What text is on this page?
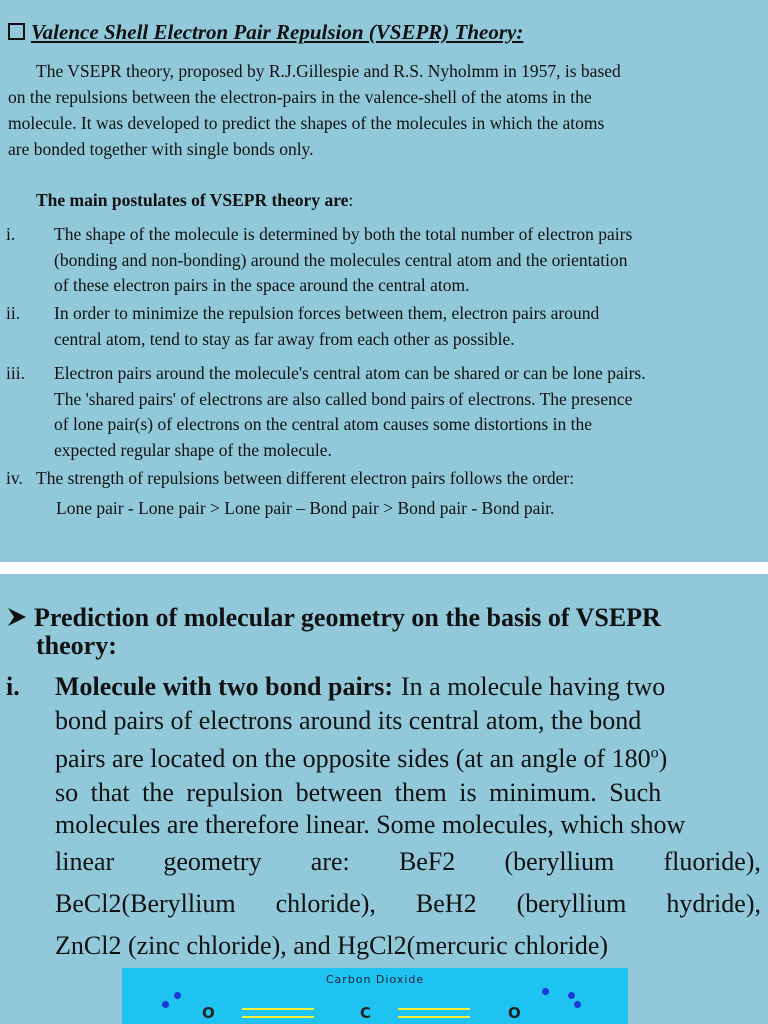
Valence Shell Electron Pair Repulsion (VSEPR) Theory:
The VSEPR theory, proposed by R.J.Gillespie and R.S. Nyholmm in 1957, is based
on the repulsions between the electron-pairs in the valence-shell of the atoms in the
molecule. It was developed to predict the shapes of the molecules in which the atoms
are bonded together with single bonds only.
The main postulates of VSEPR theory are:
i. The shape of the molecule is determined by both the total number of electron pairs
(bonding and non-bonding) around the molecules central atom and the orientation
of these electron pairs in the space around the central atom.
ii. In order to minimize the repulsion forces between them, electron pairs around
central atom, tend to stay as far away from each other as possible.
iii. Electron pairs around the molecule's central atom can be shared or can be lone pairs.
The 'shared pairs' of electrons are also called bond pairs of electrons. The presence
of lone pair(s) of electrons on the central atom causes some distortions in the
expected regular shape of the molecule.
iv. The strength of repulsions between different electron pairs follows the order:
Lone pair - Lone pair > Lone pair – Bond pair > Bond pair - Bond pair.
Prediction of molecular geometry on the basis of VSEPR
theory:
i. Molecule with two bond pairs: In a molecule having two
bond pairs of electrons around its central atom, the bond
pairs are located on the opposite sides (at an angle of 180$^o$)
so that the repulsion between them is minimum. Such
molecules are therefore linear. Some molecules, which show
linear geometry are: BeF2 (beryllium fluoride),
BeCl2(Beryllium chloride), BeH2 (beryllium hydride),
ZnCl2 (zinc chloride), and HgCl2(mercuric chloride)
Carbon Dioxide
O	C	O
